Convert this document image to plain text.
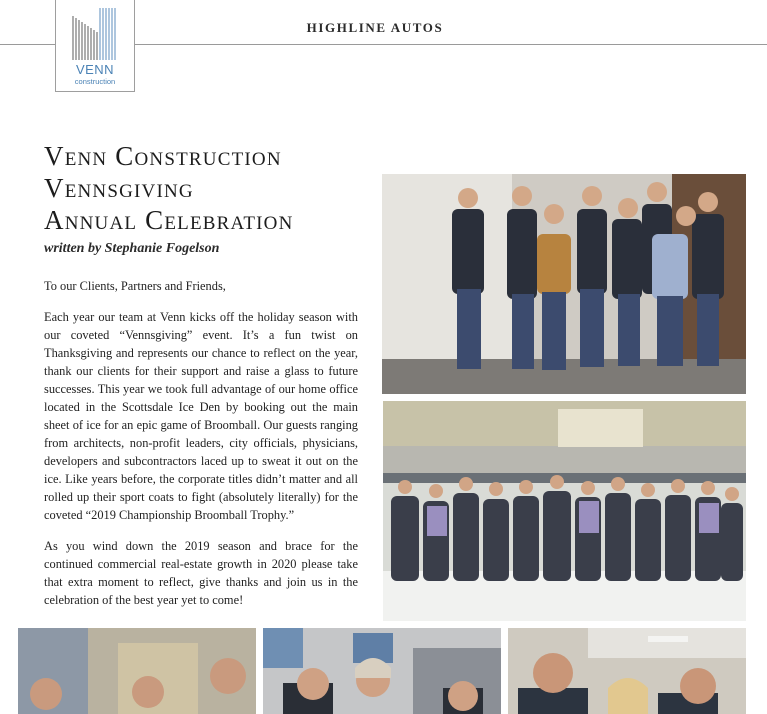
HIGHLINE AUTOS
VENN
construction
Venn Construction
Vennsgiving
Annual Celebration
written by Stephanie Fogelson

To our Clients, Partners and Friends,

Each year our team at Venn kicks off the holiday season with our coveted “Vennsgiving” event. It’s a fun twist on Thanksgiving and represents our chance to reflect on the year, thank our clients for their support and raise a glass to future successes. This year we took full advantage of our home office located in the Scottsdale Ice Den by booking out the main sheet of ice for an epic game of Broomball. Our guests ranging from architects, non-profit leaders, city officials, physicians, developers and subcontractors laced up to sweat it out on the ice. Like years before, the corporate titles didn’t matter and all rolled up their sport coats to fight (absolutely literally) for the coveted “2019 Championship Broomball Trophy.”

As you wind down the 2019 season and brace for the continued commercial real-estate growth in 2020 please take that extra moment to reflect, give thanks and join us in the celebration of the best year yet to come!
